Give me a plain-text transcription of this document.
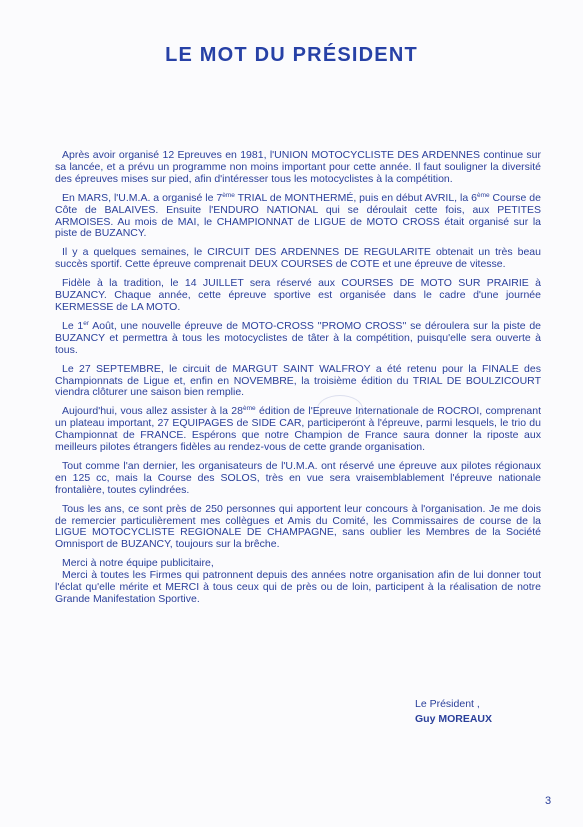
LE MOT DU PRÉSIDENT

Après avoir organisé 12 Epreuves en 1981, l'UNION MOTOCYCLISTE DES ARDENNES continue sur sa lancée, et a prévu un programme non moins important pour cette année. Il faut souligner la diversité des épreuves mises sur pied, afin d'intéresser tous les motocyclistes à la compétition.

En MARS, l'U.M.A. a organisé le 7ème TRIAL de MONTHERMÉ, puis en début AVRIL, la 6ème Course de Côte de BALAIVES. Ensuite l'ENDURO NATIONAL qui se déroulait cette fois, aux PETITES ARMOISES. Au mois de MAI, le CHAMPIONNAT de LIGUE de MOTO CROSS était organisé sur la piste de BUZANCY.

Il y a quelques semaines, le CIRCUIT DES ARDENNES DE REGULARITE obtenait un très beau succès sportif. Cette épreuve comprenait DEUX COURSES de COTE et une épreuve de vitesse.

Fidèle à la tradition, le 14 JUILLET sera réservé aux COURSES DE MOTO SUR PRAIRIE à BUZANCY. Chaque année, cette épreuve sportive est organisée dans le cadre d'une journée KERMESSE de LA MOTO.

Le 1er Août, une nouvelle épreuve de MOTO-CROSS ''PROMO CROSS'' se déroulera sur la piste de BUZANCY et permettra à tous les motocyclistes de tâter à la compétition, puisqu'elle sera ouverte à tous.

Le 27 SEPTEMBRE, le circuit de MARGUT SAINT WALFROY a été retenu pour la FINALE des Championnats de Ligue et, enfin en NOVEMBRE, la troisième édition du TRIAL DE BOULZICOURT viendra clôturer une saison bien remplie.

Aujourd'hui, vous allez assister à la 28ème édition de l'Epreuve Internationale de ROCROI, comprenant un plateau important, 27 EQUIPAGES de SIDE CAR, participeront à l'épreuve, parmi lesquels, le trio du Championnat de FRANCE. Espérons que notre Champion de France saura donner la riposte aux meilleurs pilotes étrangers fidèles au rendez-vous de cette grande organisation.

Tout comme l'an dernier, les organisateurs de l'U.M.A. ont réservé une épreuve aux pilotes régionaux en 125 cc, mais la Course des SOLOS, très en vue sera vraisemblablement l'épreuve nationale frontalière, toutes cylindrées.

Tous les ans, ce sont près de 250 personnes qui apportent leur concours à l'organisation. Je me dois de remercier particulièrement mes collègues et Amis du Comité, les Commissaires de course de la LIGUE MOTOCYCLISTE REGIONALE DE CHAMPAGNE, sans oublier les Membres de la Société Omnisport de BUZANCY, toujours sur la brêche.

Merci à notre équipe publicitaire,

Merci à toutes les Firmes qui patronnent depuis des années notre organisation afin de lui donner tout l'éclat qu'elle mérite et MERCI à tous ceux qui de près ou de loin, participent à la réalisation de notre Grande Manifestation Sportive.

Le Président ,
Guy MOREAUX
3
